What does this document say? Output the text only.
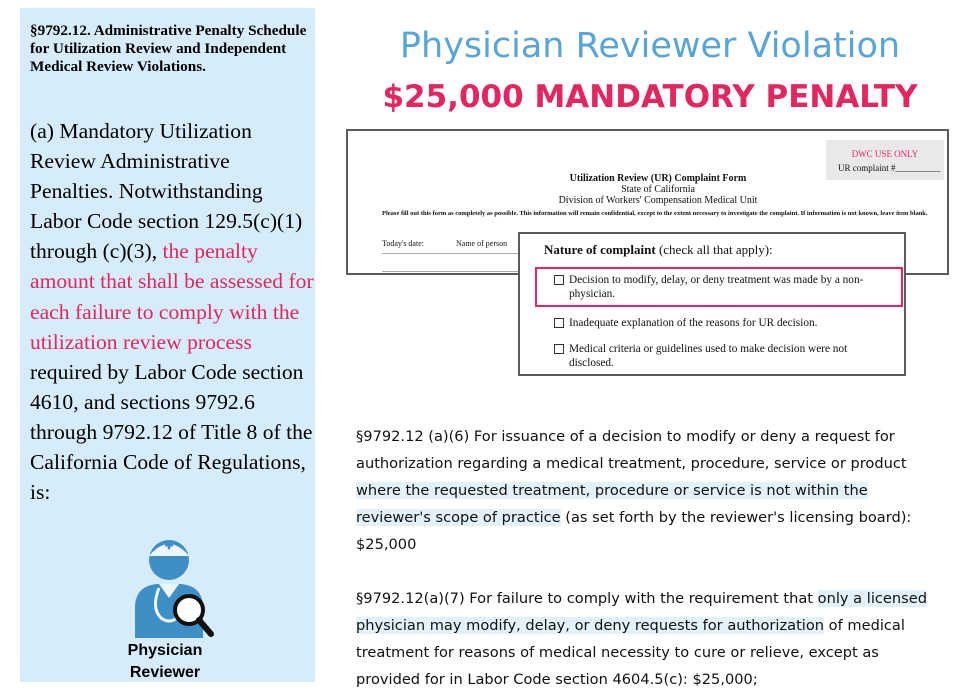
§9792.12. Administrative Penalty Schedule for Utilization Review and Independent Medical Review Violations.

(a) Mandatory Utilization Review Administrative Penalties. Notwithstanding Labor Code section 129.5(c)(1) through (c)(3), the penalty amount that shall be assessed for each failure to comply with the utilization review process required by Labor Code section 4610, and sections 9792.6 through 9792.12 of Title 8 of the California Code of Regulations, is:

Physician
Reviewer
Physician Reviewer Violation
$25,000 MANDATORY PENALTY
DWC USE ONLY
UR complaint #__________
Utilization Review (UR) Complaint Form
State of California
Division of Workers' Compensation Medical Unit
Please fill out this form as completely as possible. This information will remain confidential, except to the extent necessary to investigate the complaint. If information is not known, leave item blank.
Today's date:	Name of person	Nature of complaint (check all that apply):
Decision to modify, delay, or deny treatment was made by a non-physician.
Inadequate explanation of the reasons for UR decision.
Medical criteria or guidelines used to make decision were not disclosed.

§9792.12 (a)(6) For issuance of a decision to modify or deny a request for authorization regarding a medical treatment, procedure, service or product where the requested treatment, procedure or service is not within the reviewer's scope of practice (as set forth by the reviewer's licensing board): $25,000

§9792.12(a)(7) For failure to comply with the requirement that only a licensed physician may modify, delay, or deny requests for authorization of medical treatment for reasons of medical necessity to cure or relieve, except as provided for in Labor Code section 4604.5(c): $25,000;
